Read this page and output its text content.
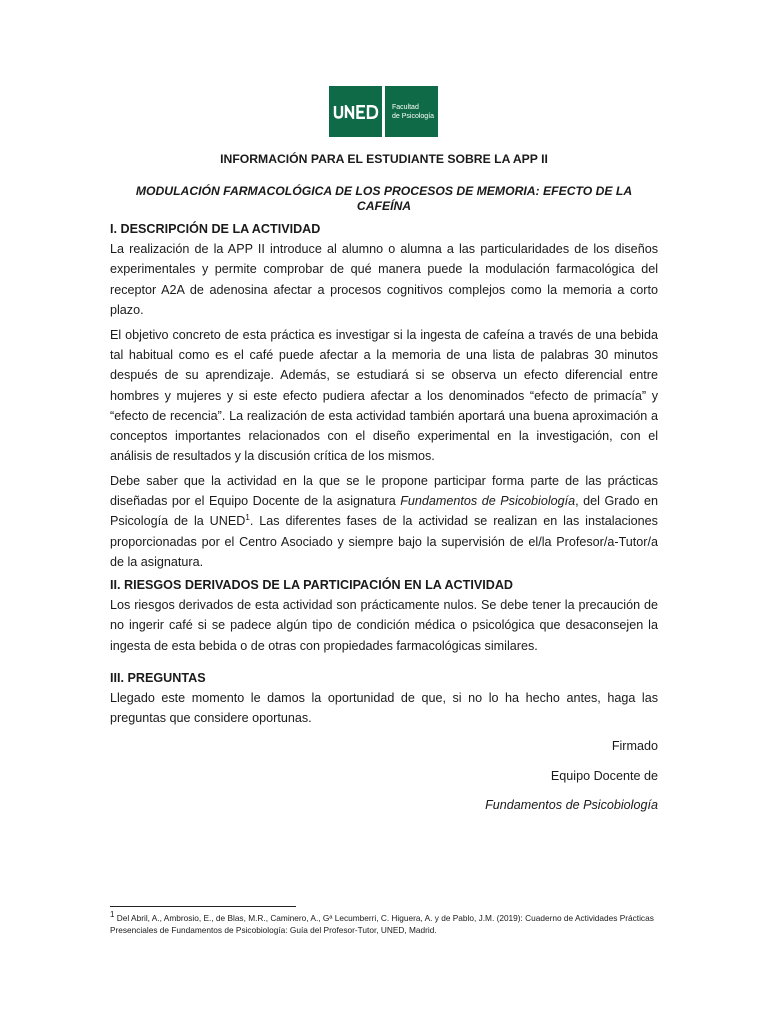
Facultad
de Psicología
INFORMACIÓN PARA EL ESTUDIANTE SOBRE LA APP II
MODULACIÓN FARMACOLÓGICA DE LOS PROCESOS DE MEMORIA: EFECTO DE LA CAFEÍNA
I. DESCRIPCIÓN DE LA ACTIVIDAD

La realización de la APP II introduce al alumno o alumna a las particularidades de los diseños experimentales y permite comprobar de qué manera puede la modulación farmacológica del receptor A2A de adenosina afectar a procesos cognitivos complejos como la memoria a corto plazo.

El objetivo concreto de esta práctica es investigar si la ingesta de cafeína a través de una bebida tal habitual como es el café puede afectar a la memoria de una lista de palabras 30 minutos después de su aprendizaje. Además, se estudiará si se observa un efecto diferencial entre hombres y mujeres y si este efecto pudiera afectar a los denominados “efecto de primacía” y “efecto de recencia”. La realización de esta actividad también aportará una buena aproximación a conceptos importantes relacionados con el diseño experimental en la investigación, con el análisis de resultados y la discusión crítica de los mismos.

Debe saber que la actividad en la que se le propone participar forma parte de las prácticas diseñadas por el Equipo Docente de la asignatura Fundamentos de Psicobiología, del Grado en Psicología de la UNED$^1$. Las diferentes fases de la actividad se realizan en las instalaciones proporcionadas por el Centro Asociado y siempre bajo la supervisión de el/la Profesor/a-Tutor/a de la asignatura.

II. RIESGOS DERIVADOS DE LA PARTICIPACIÓN EN LA ACTIVIDAD

Los riesgos derivados de esta actividad son prácticamente nulos. Se debe tener la precaución de no ingerir café si se padece algún tipo de condición médica o psicológica que desaconsejen la ingesta de esta bebida o de otras con propiedades farmacológicas similares.

III. PREGUNTAS

Llegado este momento le damos la oportunidad de que, si no lo ha hecho antes, haga las preguntas que considere oportunas.

Firmado
Equipo Docente de
Fundamentos de Psicobiología
$^1$ Del Abril, A., Ambrosio, E., de Blas, M.R., Caminero, A., Gª Lecumberri, C. Higuera, A. y de Pablo, J.M. (2019): Cuaderno de Actividades Prácticas Presenciales de Fundamentos de Psicobiología: Guía del Profesor-Tutor, UNED, Madrid.
